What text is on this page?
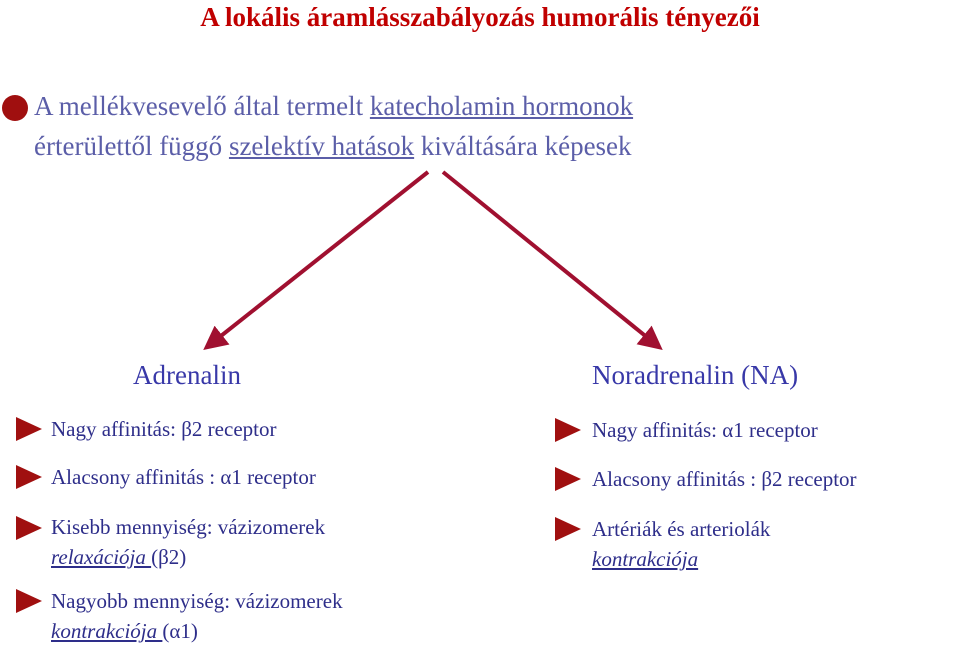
A lokális áramlásszabályozás humorális tényezői
A mellékvesevelő által termelt katecholamin hormonok
érterülettől függő szelektív hatások kiváltására képesek
Adrenalin
Nagy affinitás: β2 receptor
Alacsony affinitás : α1 receptor
Kisebb mennyiség: vázizomerek
relaxációja (β2)
Nagyobb mennyiség: vázizomerek
kontrakciója (α1)
Noradrenalin (NA)
Nagy affinitás: α1 receptor
Alacsony affinitás : β2 receptor
Artériák és arteriolák
kontrakciója
